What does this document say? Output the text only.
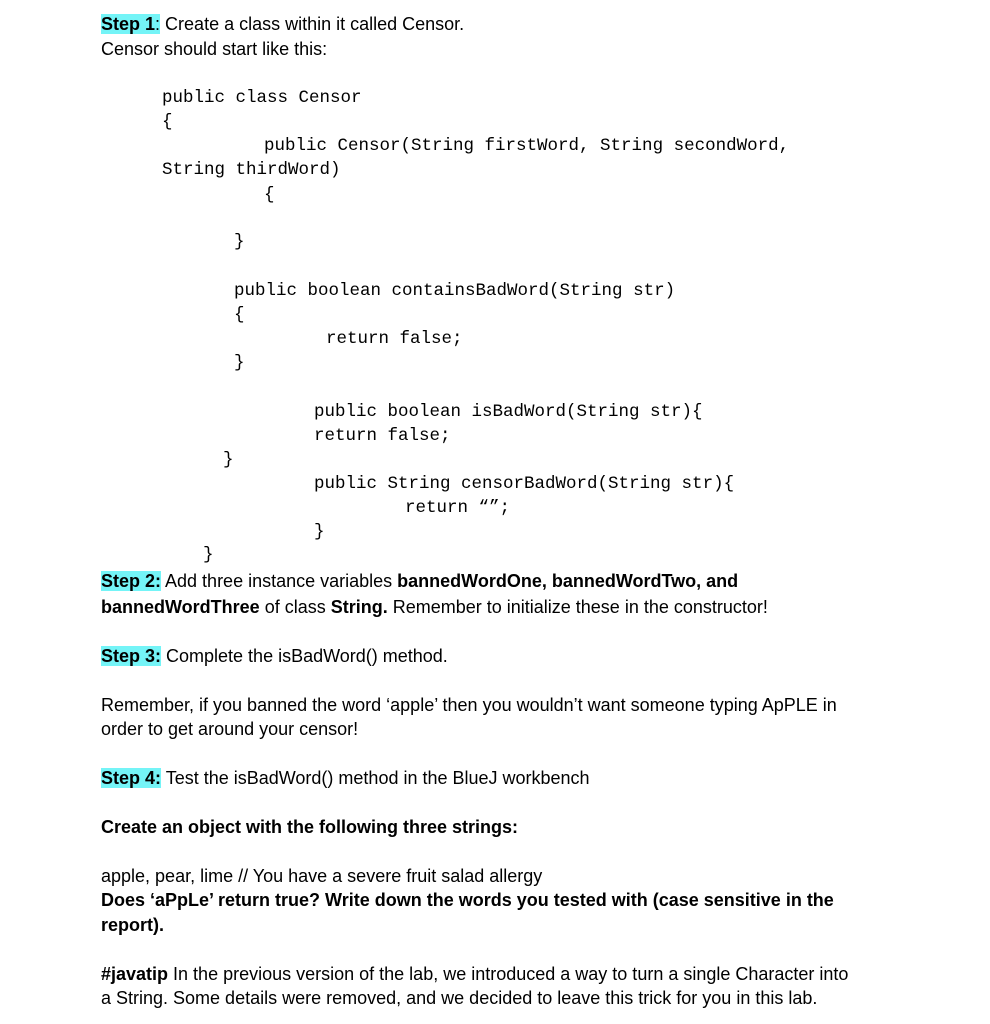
Step 1: Create a class within it called Censor.
Censor should start like this:
public class Censor
{
public Censor(String firstWord, String secondWord,
String thirdWord)
{
}
public boolean containsBadWord(String str)
{
return false;
}
public boolean isBadWord(String str){
return false;
}
public String censorBadWord(String str){
return “”;
}
}
Step 2: Add three instance variables bannedWordOne, bannedWordTwo, and
bannedWordThree of class String. Remember to initialize these in the constructor!
Step 3: Complete the isBadWord() method.
Remember, if you banned the word ‘apple’ then you wouldn’t want someone typing ApPLE in
order to get around your censor!
Step 4: Test the isBadWord() method in the BlueJ workbench
Create an object with the following three strings:
apple, pear, lime // You have a severe fruit salad allergy
Does ‘aPpLe’ return true? Write down the words you tested with (case sensitive in the
report).
#javatip In the previous version of the lab, we introduced a way to turn a single Character into
a String. Some details were removed, and we decided to leave this trick for you in this lab.
